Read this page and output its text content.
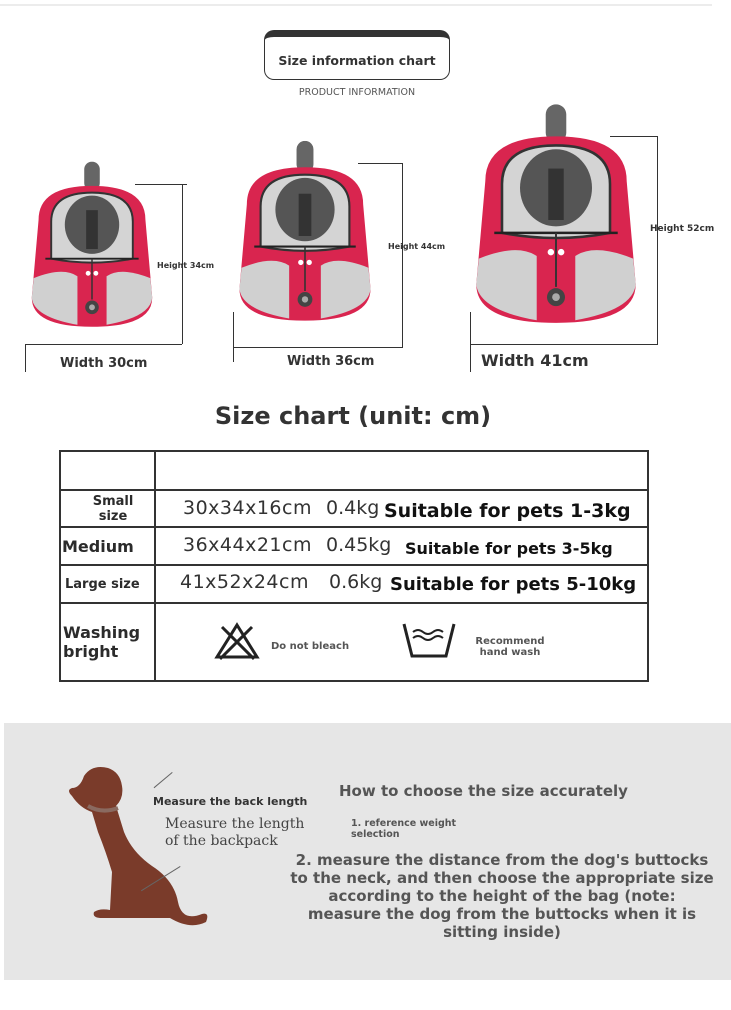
Size information chart
PRODUCT INFORMATION
Height 34cm
Width 30cm
Height 44cm
Width 36cm
Height 52cm
Width 41cm
Size chart (unit: cm)
Small size	30x34x16cm 0.4kg Suitable for pets 1-3kg
Medium	36x44x21cm 0.45kg Suitable for pets 3-5kg
Large size 41x52x24cm 0.6kg Suitable for pets 5-10kg
Washing bright	Do not bleach	Recommend hand wash
Measure the back length
Measure the length of the backpack
How to choose the size accurately
1. reference weight selection
2. measure the distance from the dog's buttocks to the neck, and then choose the appropriate size according to the height of the bag (note: measure the dog from the buttocks when it is sitting inside)
